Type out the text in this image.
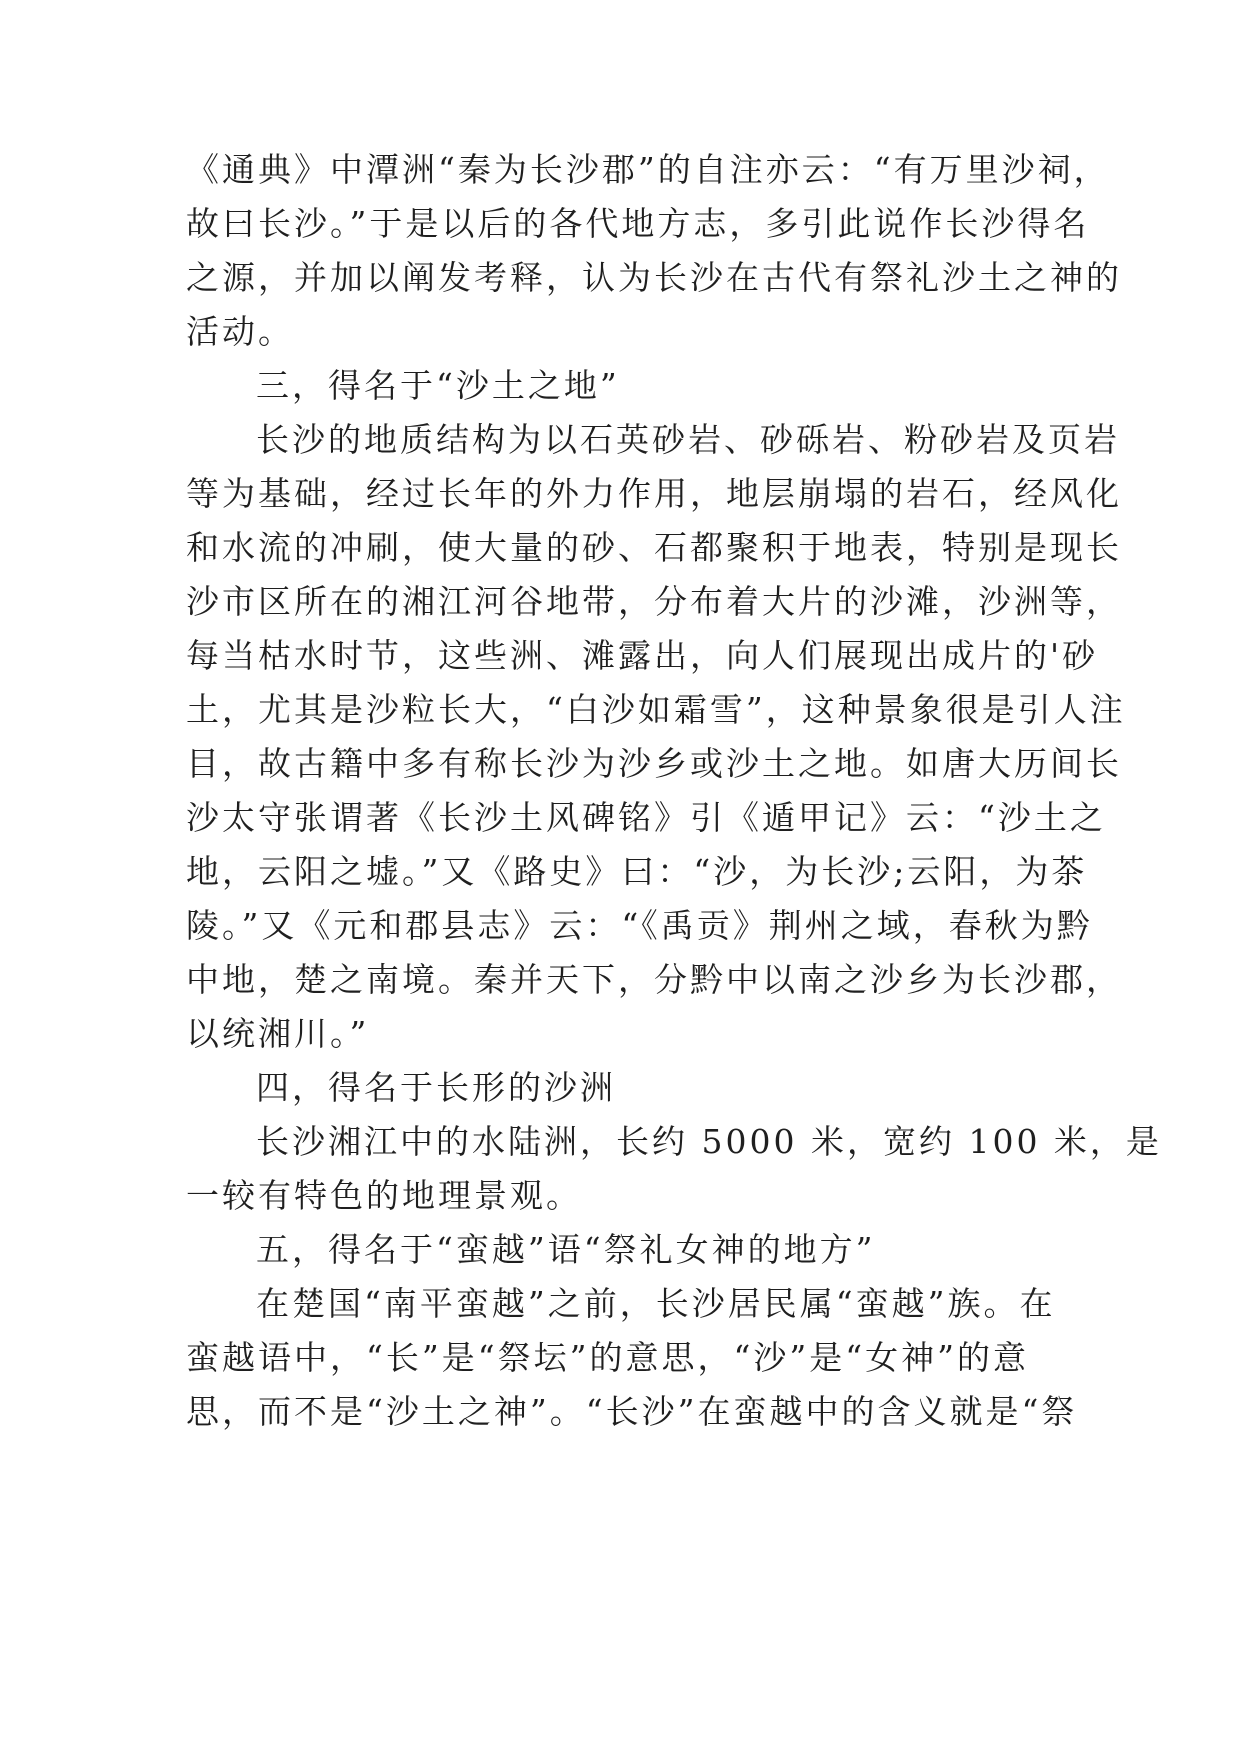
《通典》中潭洲“秦为长沙郡”的自注亦云：“有万里沙祠，
故曰长沙。”于是以后的各代地方志，多引此说作长沙得名
之源，并加以阐发考释，认为长沙在古代有祭礼沙土之神的
活动。
三，得名于“沙土之地”
长沙的地质结构为以石英砂岩、砂砾岩、粉砂岩及页岩
等为基础，经过长年的外力作用，地层崩塌的岩石，经风化
和水流的冲刷，使大量的砂、石都聚积于地表，特别是现长
沙市区所在的湘江河谷地带，分布着大片的沙滩，沙洲等，
每当枯水时节，这些洲、滩露出，向人们展现出成片的'砂
土，尤其是沙粒长大，“白沙如霜雪”，这种景象很是引人注
目，故古籍中多有称长沙为沙乡或沙土之地。如唐大历间长
沙太守张谓著《长沙土风碑铭》引《遁甲记》云：“沙土之
地，云阳之墟。”又《路史》曰：“沙，为长沙;云阳，为茶
陵。”又《元和郡县志》云：“《禹贡》荆州之域，春秋为黔
中地，楚之南境。秦并天下，分黔中以南之沙乡为长沙郡，
以统湘川。”
四，得名于长形的沙洲
长沙湘江中的水陆洲，长约 5000 米，宽约 100 米，是
一较有特色的地理景观。
五，得名于“蛮越”语“祭礼女神的地方”
在楚国“南平蛮越”之前，长沙居民属“蛮越”族。在
蛮越语中，“长”是“祭坛”的意思，“沙”是“女神”的意
思，而不是“沙土之神”。“长沙”在蛮越中的含义就是“祭
